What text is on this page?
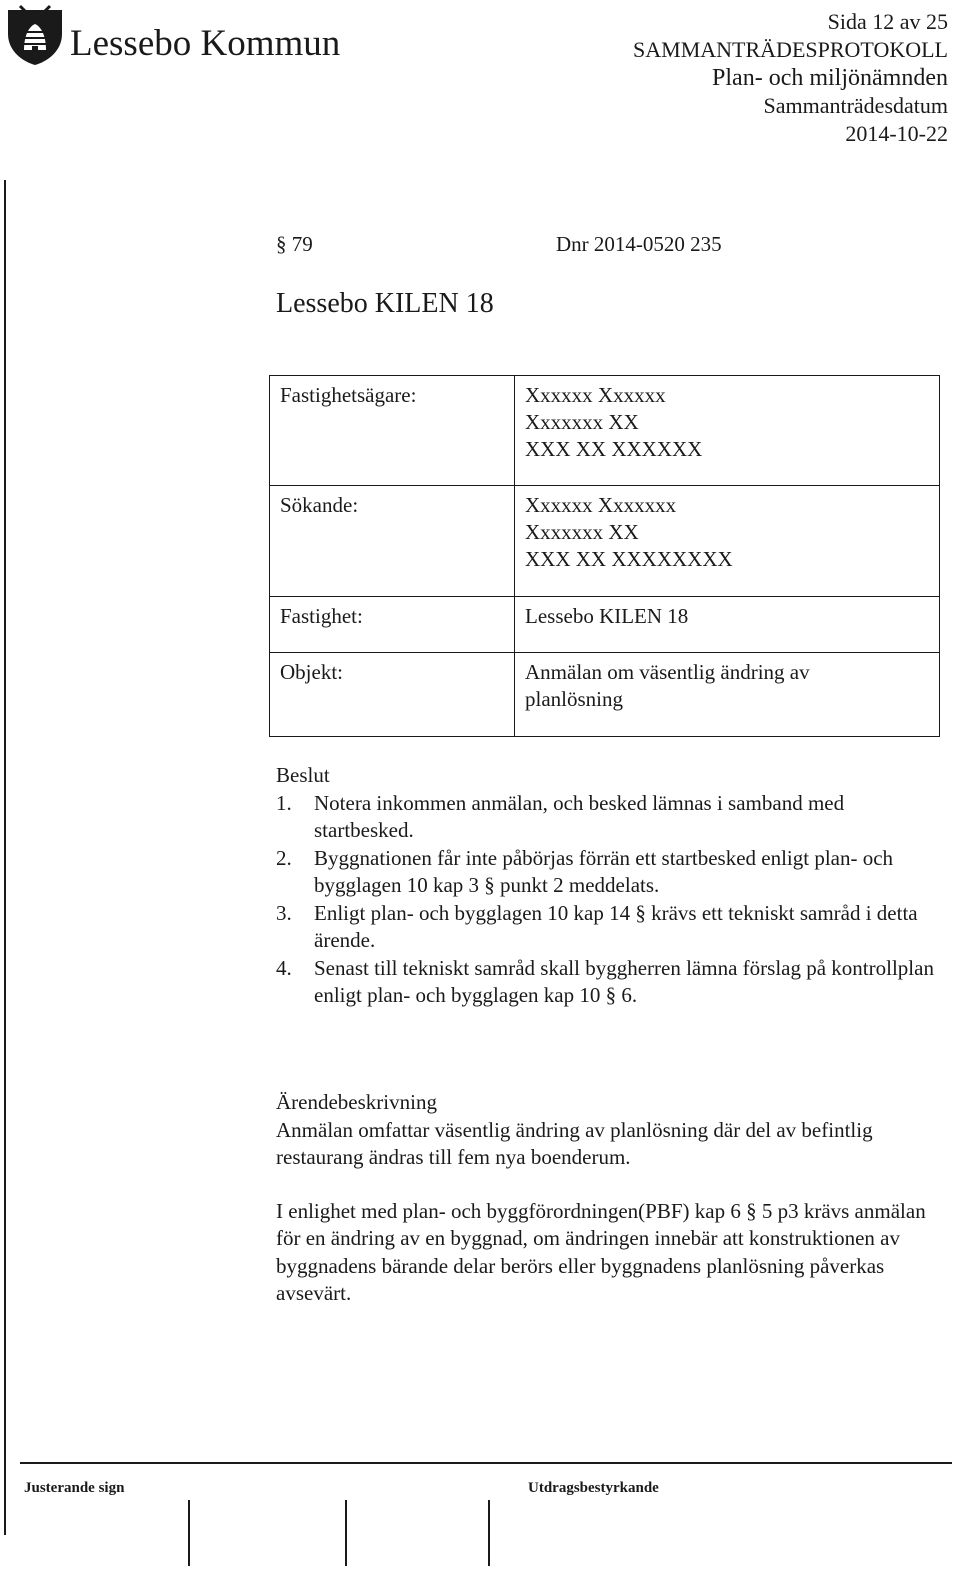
Lessebo Kommun
Sida 12 av 25
SAMMANTRÄDESPROTOKOLL
Plan- och miljönämnden
Sammanträdesdatum
2014-10-22
§ 79	Dnr 2014-0520 235
Lessebo KILEN 18
Fastighetsägare:	Xxxxxx Xxxxxx
Xxxxxxx XX
XXX XX XXXXXX

Sökande:	Xxxxxx Xxxxxxx
Xxxxxxx XX
XXX XX XXXXXXXX

Fastighet:	Lessebo KILEN 18

Objekt:	Anmälan om väsentlig ändring av
planlösning
Beslut
1. Notera inkommen anmälan, och besked lämnas i samband med startbesked.
2. Byggnationen får inte påbörjas förrän ett startbesked enligt plan- och bygglagen 10 kap 3 § punkt 2 meddelats.
3. Enligt plan- och bygglagen 10 kap 14 § krävs ett tekniskt samråd i detta ärende.
4. Senast till tekniskt samråd skall byggherren lämna förslag på kontrollplan enligt plan- och bygglagen kap 10 § 6.
Ärendebeskrivning

Anmälan omfattar väsentlig ändring av planlösning där del av befintlig restaurang ändras till fem nya boenderum.

I enlighet med plan- och byggförordningen(PBF) kap 6 § 5 p3 krävs anmälan för en ändring av en byggnad, om ändringen innebär att konstruktionen av byggnadens bärande delar berörs eller byggnadens planlösning påverkas avsevärt.

Justerande sign	Utdragsbestyrkande
